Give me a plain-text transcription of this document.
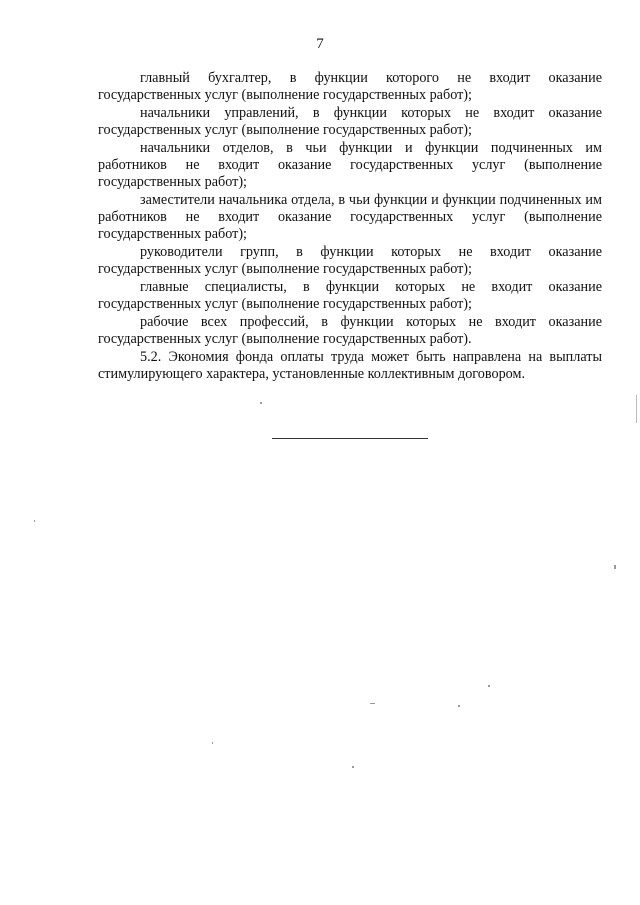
7

главный бухгалтер, в функции которого не входит оказание государственных услуг (выполнение государственных работ);

начальники управлений, в функции которых не входит оказание государственных услуг (выполнение государственных работ);

начальники отделов, в чьи функции и функции подчиненных им работников не входит оказание государственных услуг (выполнение государственных работ);

заместители начальника отдела, в чьи функции и функции подчиненных им работников не входит оказание государственных услуг (выполнение государственных работ);

руководители групп, в функции которых не входит оказание государственных услуг (выполнение государственных работ);

главные специалисты, в функции которых не входит оказание государственных услуг (выполнение государственных работ);

рабочие всех профессий, в функции которых не входит оказание государственных услуг (выполнение государственных работ).

5.2. Экономия фонда оплаты труда может быть направлена на выплаты стимулирующего характера, установленные коллективным договором.
